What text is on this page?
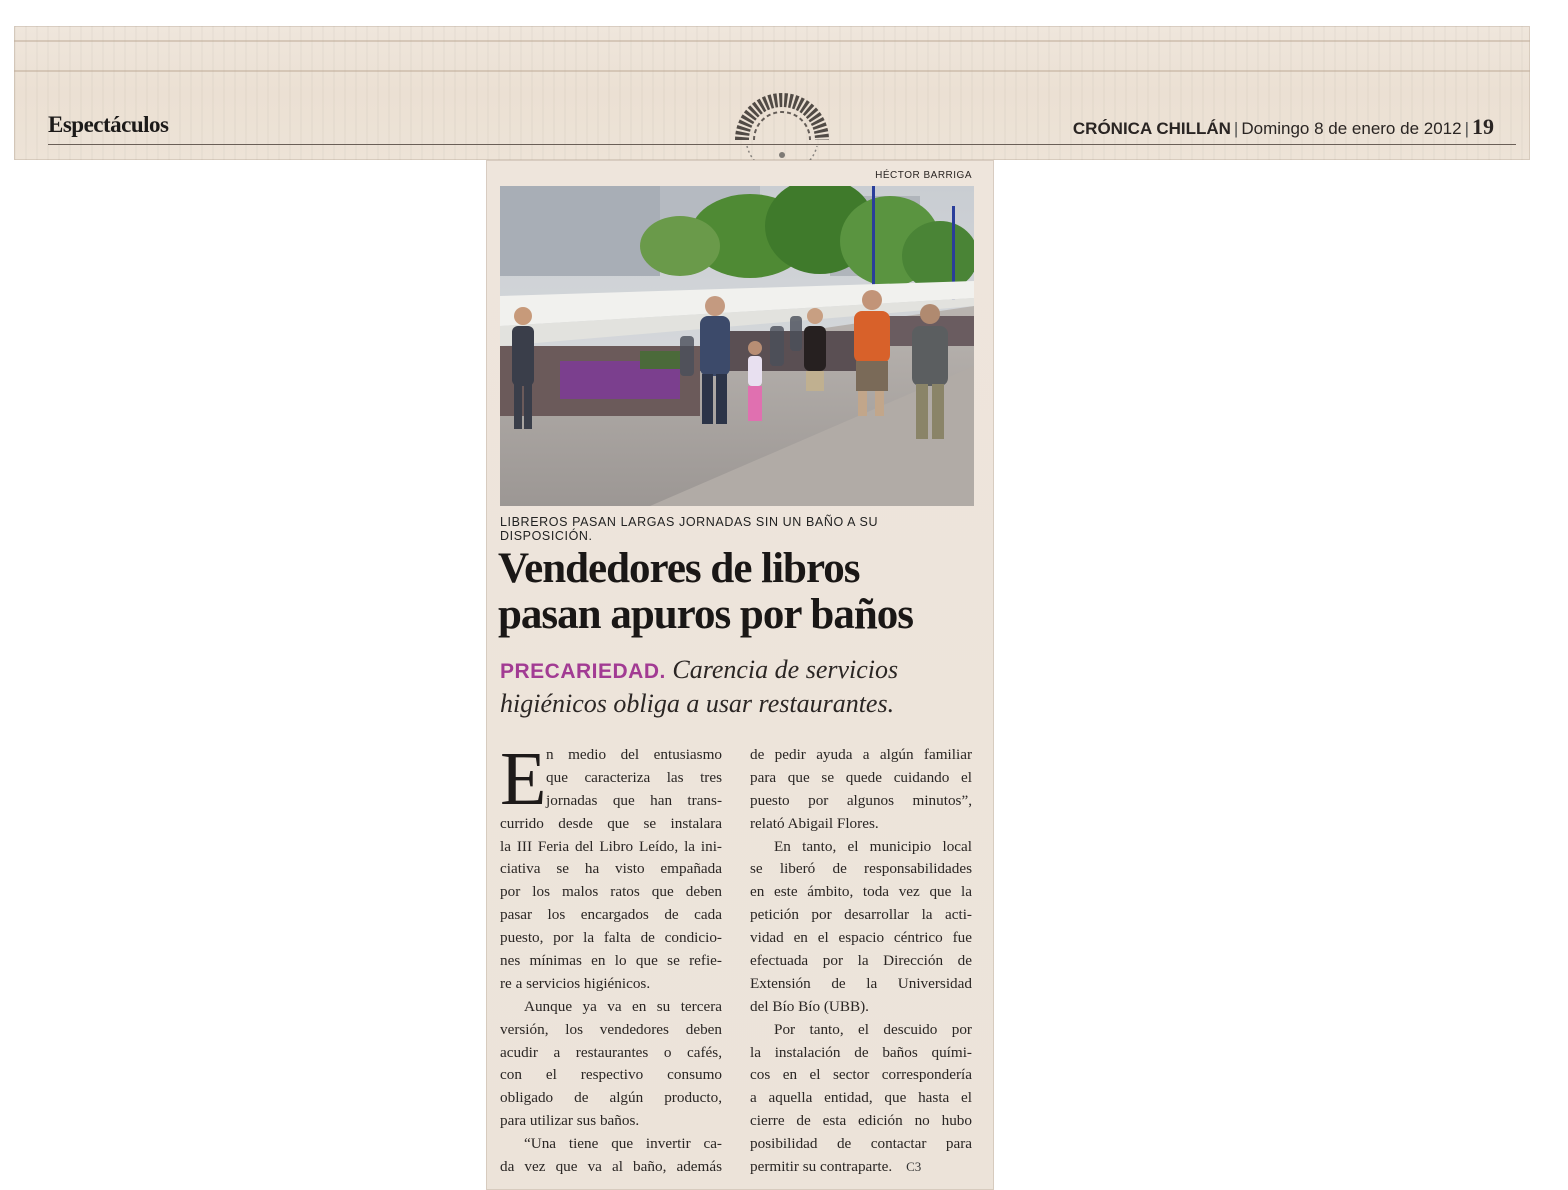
Espectáculos	CRÓNICA CHILLÁN | Domingo 8 de enero de 2012 | 19
HÉCTOR BARRIGA
LIBREROS PASAN LARGAS JORNADAS SIN UN BAÑO A SU DISPOSICIÓN.
Vendedores de libros
pasan apuros por baños
PRECARIEDAD. Carencia de servicios
higiénicos obliga a usar restaurantes.
E n medio del entusiasmo
que caracteriza las tres
jornadas que han trans-
currido desde que se instalara
la III Feria del Libro Leído, la ini-
ciativa se ha visto empañada
por los malos ratos que deben
pasar los encargados de cada
puesto, por la falta de condicio-
nes mínimas en lo que se refie-
re a servicios higiénicos.
Aunque ya va en su tercera
versión, los vendedores deben
acudir a restaurantes o cafés,
con el respectivo consumo
obligado de algún producto,
para utilizar sus baños.
“Una tiene que invertir ca-
da vez que va al baño, además
de pedir ayuda a algún familiar
para que se quede cuidando el
puesto por algunos minutos”,
relató Abigail Flores.
En tanto, el municipio local
se liberó de responsabilidades
en este ámbito, toda vez que la
petición por desarrollar la acti-
vidad en el espacio céntrico fue
efectuada por la Dirección de
Extensión de la Universidad
del Bío Bío (UBB).
Por tanto, el descuido por
la instalación de baños quími-
cos en el sector correspondería
a aquella entidad, que hasta el
cierre de esta edición no hubo
posibilidad de contactar para
permitir su contraparte. C3
